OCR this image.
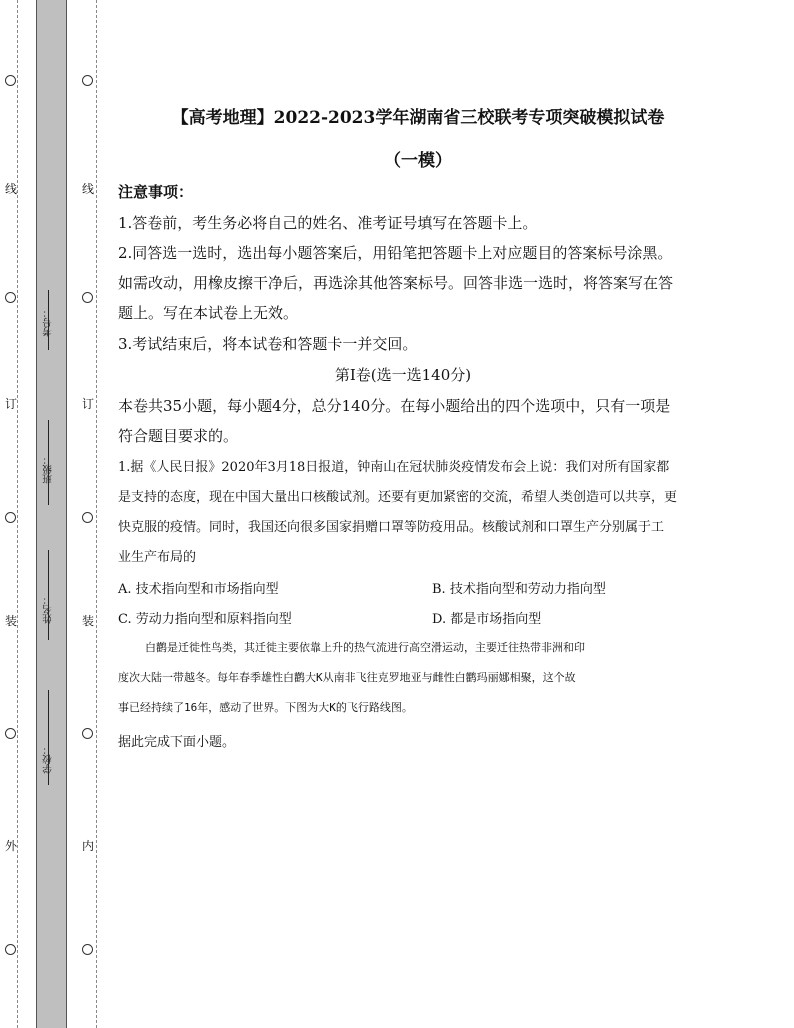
线
订
装
外
线
订
装
内
考号：
班级：
姓名：
学校：
【高考地理】2022-2023学年湖南省三校联考专项突破模拟试卷
（一模）
注意事项：
1.答卷前，考生务必将自己的姓名、准考证号填写在答题卡上。
2.同答选一选时，选出每小题答案后，用铅笔把答题卡上对应题目的答案标号涂黑。
如需改动，用橡皮擦干净后，再选涂其他答案标号。回答非选一选时，将答案写在答
题上。写在本试卷上无效。
3.考试结束后，将本试卷和答题卡一并交回。
第I卷(选一选140分)
本卷共35小题，每小题4分，总分140分。在每小题给出的四个选项中，只有一项是
符合题目要求的。
1.据《人民日报》2020年3月18日报道，钟南山在冠状肺炎疫情发布会上说：我们对所有国家都
是支持的态度，现在中国大量出口核酸试剂。还要有更加紧密的交流，希望人类创造可以共享，更
快克服的疫情。同时，我国还向很多国家捐赠口罩等防疫用品。核酸试剂和口罩生产分别属于工
业生产布局的
A. 技术指向型和市场指向型	B. 技术指向型和劳动力指向型
C. 劳动力指向型和原料指向型	D. 都是市场指向型
白鹳是迁徙性鸟类，其迁徙主要依靠上升的热气流进行高空滑运动，主要迁往热带非洲和印
度次大陆一带越冬。每年春季雄性白鹳大K从南非飞往克罗地亚与雌性白鹳玛丽娜相聚，这个故
事已经持续了16年，感动了世界。下图为大K的飞行路线图。
据此完成下面小题。
